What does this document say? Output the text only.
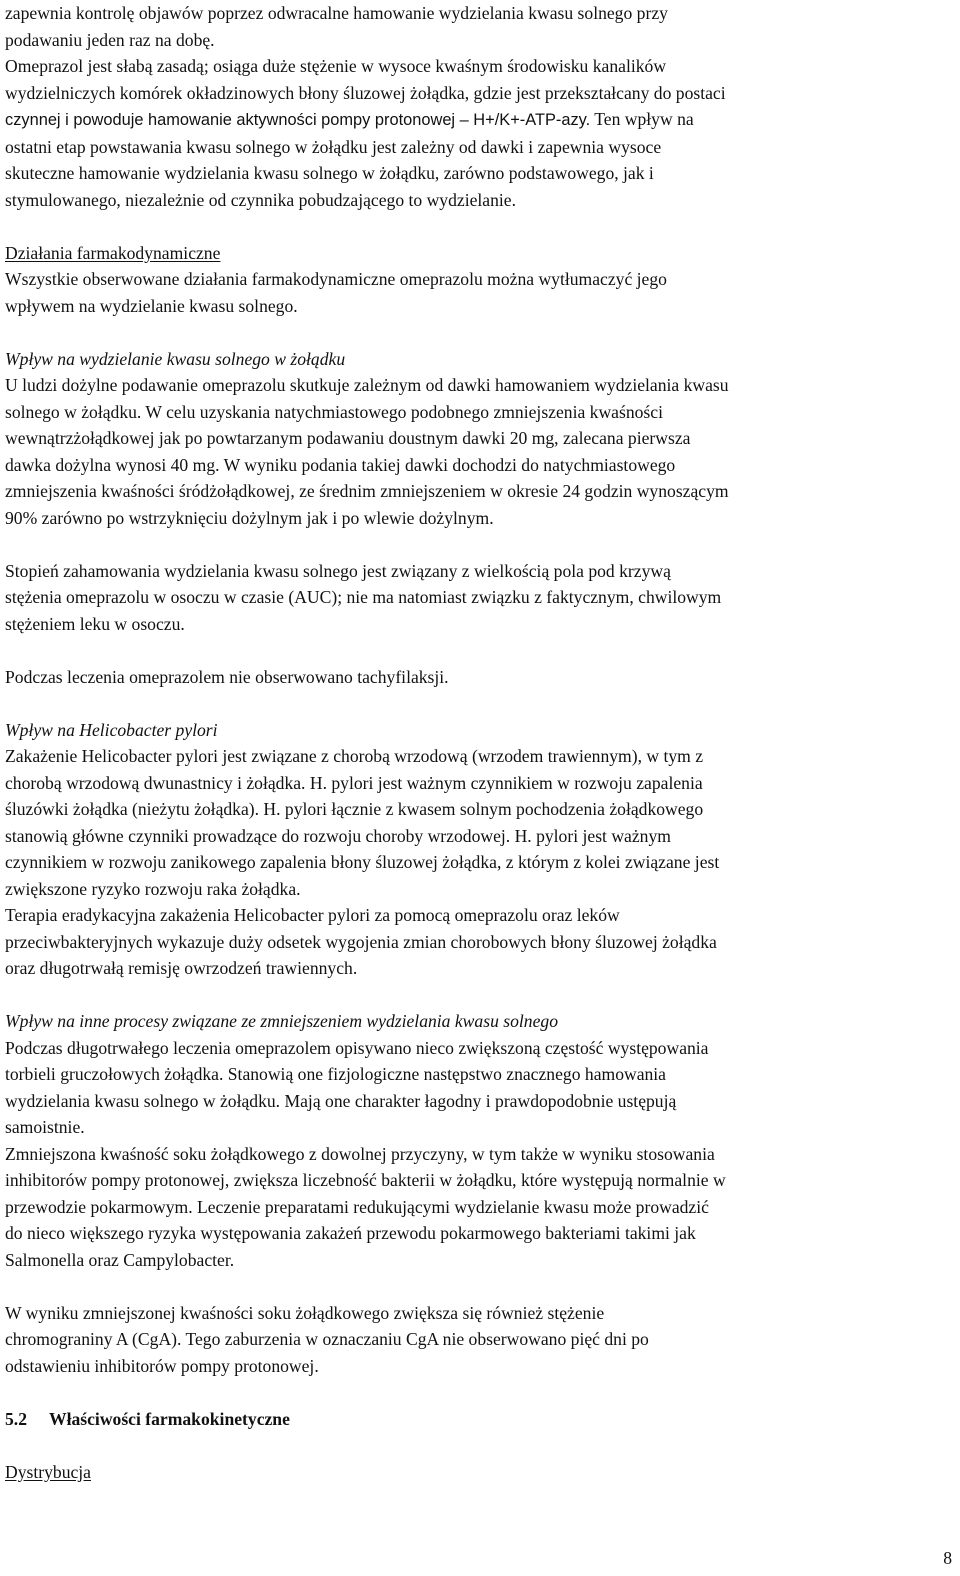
zapewnia kontrolę objawów poprzez odwracalne hamowanie wydzielania kwasu solnego przy

podawaniu jeden raz na dobę.

Omeprazol jest słabą zasadą; osiąga duże stężenie w wysoce kwaśnym środowisku kanalików

wydzielniczych komórek okładzinowych błony śluzowej żołądka, gdzie jest przekształcany do postaci

czynnej i powoduje hamowanie aktywności pompy protonowej – H+/K+-ATP-azy. Ten wpływ na

ostatni etap powstawania kwasu solnego w żołądku jest zależny od dawki i zapewnia wysoce

skuteczne hamowanie wydzielania kwasu solnego w żołądku, zarówno podstawowego, jak i

stymulowanego, niezależnie od czynnika pobudzającego to wydzielanie.

Działania farmakodynamiczne

Wszystkie obserwowane działania farmakodynamiczne omeprazolu można wytłumaczyć jego

wpływem na wydzielanie kwasu solnego.

Wpływ na wydzielanie kwasu solnego w żołądku

U ludzi dożylne podawanie omeprazolu skutkuje zależnym od dawki hamowaniem wydzielania kwasu

solnego w żołądku. W celu uzyskania natychmiastowego podobnego zmniejszenia kwaśności

wewnątrzżołądkowej jak po powtarzanym podawaniu doustnym dawki 20 mg, zalecana pierwsza

dawka dożylna wynosi 40 mg. W wyniku podania takiej dawki dochodzi do natychmiastowego

zmniejszenia kwaśności śródżołądkowej, ze średnim zmniejszeniem w okresie 24 godzin wynoszącym

90% zarówno po wstrzyknięciu dożylnym jak i po wlewie dożylnym.

Stopień zahamowania wydzielania kwasu solnego jest związany z wielkością pola pod krzywą

stężenia omeprazolu w osoczu w czasie (AUC); nie ma natomiast związku z faktycznym, chwilowym

stężeniem leku w osoczu.

Podczas leczenia omeprazolem nie obserwowano tachyfilaksji.

Wpływ na Helicobacter pylori

Zakażenie Helicobacter pylori jest związane z chorobą wrzodową (wrzodem trawiennym), w tym z

chorobą wrzodową dwunastnicy i żołądka. H. pylori jest ważnym czynnikiem w rozwoju zapalenia

śluzówki żołądka (nieżytu żołądka). H. pylori łącznie z kwasem solnym pochodzenia żołądkowego

stanowią główne czynniki prowadzące do rozwoju choroby wrzodowej. H. pylori jest ważnym

czynnikiem w rozwoju zanikowego zapalenia błony śluzowej żołądka, z którym z kolei związane jest

zwiększone ryzyko rozwoju raka żołądka.

Terapia eradykacyjna zakażenia Helicobacter pylori za pomocą omeprazolu oraz leków

przeciwbakteryjnych wykazuje duży odsetek wygojenia zmian chorobowych błony śluzowej żołądka

oraz długotrwałą remisję owrzodzeń trawiennych.

Wpływ na inne procesy związane ze zmniejszeniem wydzielania kwasu solnego

Podczas długotrwałego leczenia omeprazolem opisywano nieco zwiększoną częstość występowania

torbieli gruczołowych żołądka. Stanowią one fizjologiczne następstwo znacznego hamowania

wydzielania kwasu solnego w żołądku. Mają one charakter łagodny i prawdopodobnie ustępują

samoistnie.

Zmniejszona kwaśność soku żołądkowego z dowolnej przyczyny, w tym także w wyniku stosowania

inhibitorów pompy protonowej, zwiększa liczebność bakterii w żołądku, które występują normalnie w

przewodzie pokarmowym. Leczenie preparatami redukującymi wydzielanie kwasu może prowadzić

do nieco większego ryzyka występowania zakażeń przewodu pokarmowego bakteriami takimi jak

Salmonella oraz Campylobacter.

W wyniku zmniejszonej kwaśności soku żołądkowego zwiększa się również stężenie

chromograniny A (CgA). Tego zaburzenia w oznaczaniu CgA nie obserwowano pięć dni po

odstawieniu inhibitorów pompy protonowej.

5.2 Właściwości farmakokinetyczne

Dystrybucja

8
